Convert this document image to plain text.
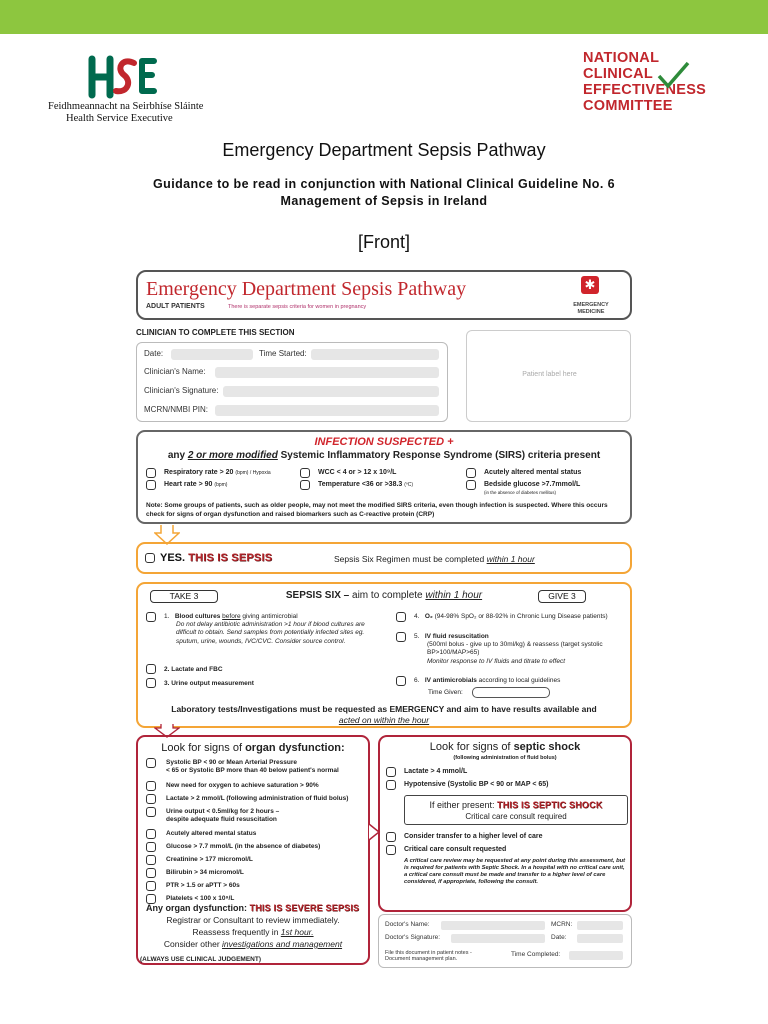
Feidhmeannacht na Seirbhíse Sláinte
Health Service Executive
NATIONAL
CLINICAL
EFFECTIVENESS
COMMITTEE
Emergency Department Sepsis Pathway
Guidance to be read in conjunction with National Clinical Guideline No. 6
Management of Sepsis in Ireland
[Front]
Emergency Department Sepsis Pathway
ADULT PATIENTS	There is separate sepsis criteria for women in pregnancy
✱
EMERGENCY
MEDICINE
CLINICIAN TO COMPLETE THIS SECTION
Date:	Time Started:
Clinician's Name:
Clinician's Signature:
MCRN/NMBI PIN:
Patient label here
INFECTION SUSPECTED +
any 2 or more modified Systemic Inflammatory Response Syndrome (SIRS) criteria present
Respiratory rate > 20 (bpm) / Hypoxia
Heart rate > 90 (bpm)
WCC < 4 or > 12 x 10⁹/L
Temperature <36 or >38.3 (ºC)
Acutely altered mental status
Bedside glucose >7.7mmol/L
(in the absence of diabetes mellitus)
Note: Some groups of patients, such as older people, may not meet the modified SIRS criteria, even though infection is suspected. Where this occurs check for signs of organ dysfunction and raised biomarkers such as C-reactive protein (CRP)
YES. THIS IS SEPSIS	Sepsis Six Regimen must be completed within 1 hour
TAKE 3	GIVE 3
SEPSIS SIX – aim to complete within 1 hour
1. Blood cultures before giving antimicrobial
Do not delay antibiotic administration >1 hour if blood cultures are difficult to obtain. Send samples from potentially infected sites eg. sputum, urine, wounds, IVC/CVC. Consider source control.
2. Lactate and FBC
3. Urine output measurement
4. O₂ (94-98% SpO₂ or 88-92% in Chronic Lung Disease patients)
5. IV fluid resuscitation
(500ml bolus - give up to 30ml/kg) & reassess (target systolic BP>100/MAP>65)
Monitor response to IV fluids and titrate to effect
6. IV antimicrobials according to local guidelines
Time Given:
Laboratory tests/Investigations must be requested as EMERGENCY and aim to have results available and
acted on within the hour
Look for signs of organ dysfunction:
Systolic BP < 90 or Mean Arterial Pressure
< 65 or Systolic BP more than 40 below patient's normal
New need for oxygen to achieve saturation > 90%
Lactate > 2 mmol/L (following administration of fluid bolus)
Urine output < 0.5ml/kg for 2 hours –
despite adequate fluid resuscitation
Acutely altered mental status
Glucose > 7.7 mmol/L (in the absence of diabetes)
Creatinine > 177 micromol/L
Bilirubin > 34 micromol/L
PTR > 1.5 or aPTT > 60s
Platelets < 100 x 10⁹/L
Any organ dysfunction: THIS IS SEVERE SEPSIS
Registrar or Consultant to review immediately.
Reassess frequently in 1st hour.
Consider other investigations and management
Look for signs of septic shock
(following administration of fluid bolus)
Lactate > 4 mmol/L
Hypotensive (Systolic BP < 90 or MAP < 65)
If either present: THIS IS SEPTIC SHOCK
Critical care consult required
Consider transfer to a higher level of care
Critical care consult requested
A critical care review may be requested at any point during this assessment, but is required for patients with Septic Shock. In a hospital with no critical care unit, a critical care consult must be made and transfer to a higher level of care considered, if appropriate, following the consult.
Doctor's Name:	MCRN:
Doctor's Signature:	Date:
File this document in patient notes -
Document management plan.
Time Completed:
(ALWAYS USE CLINICAL JUDGEMENT)
